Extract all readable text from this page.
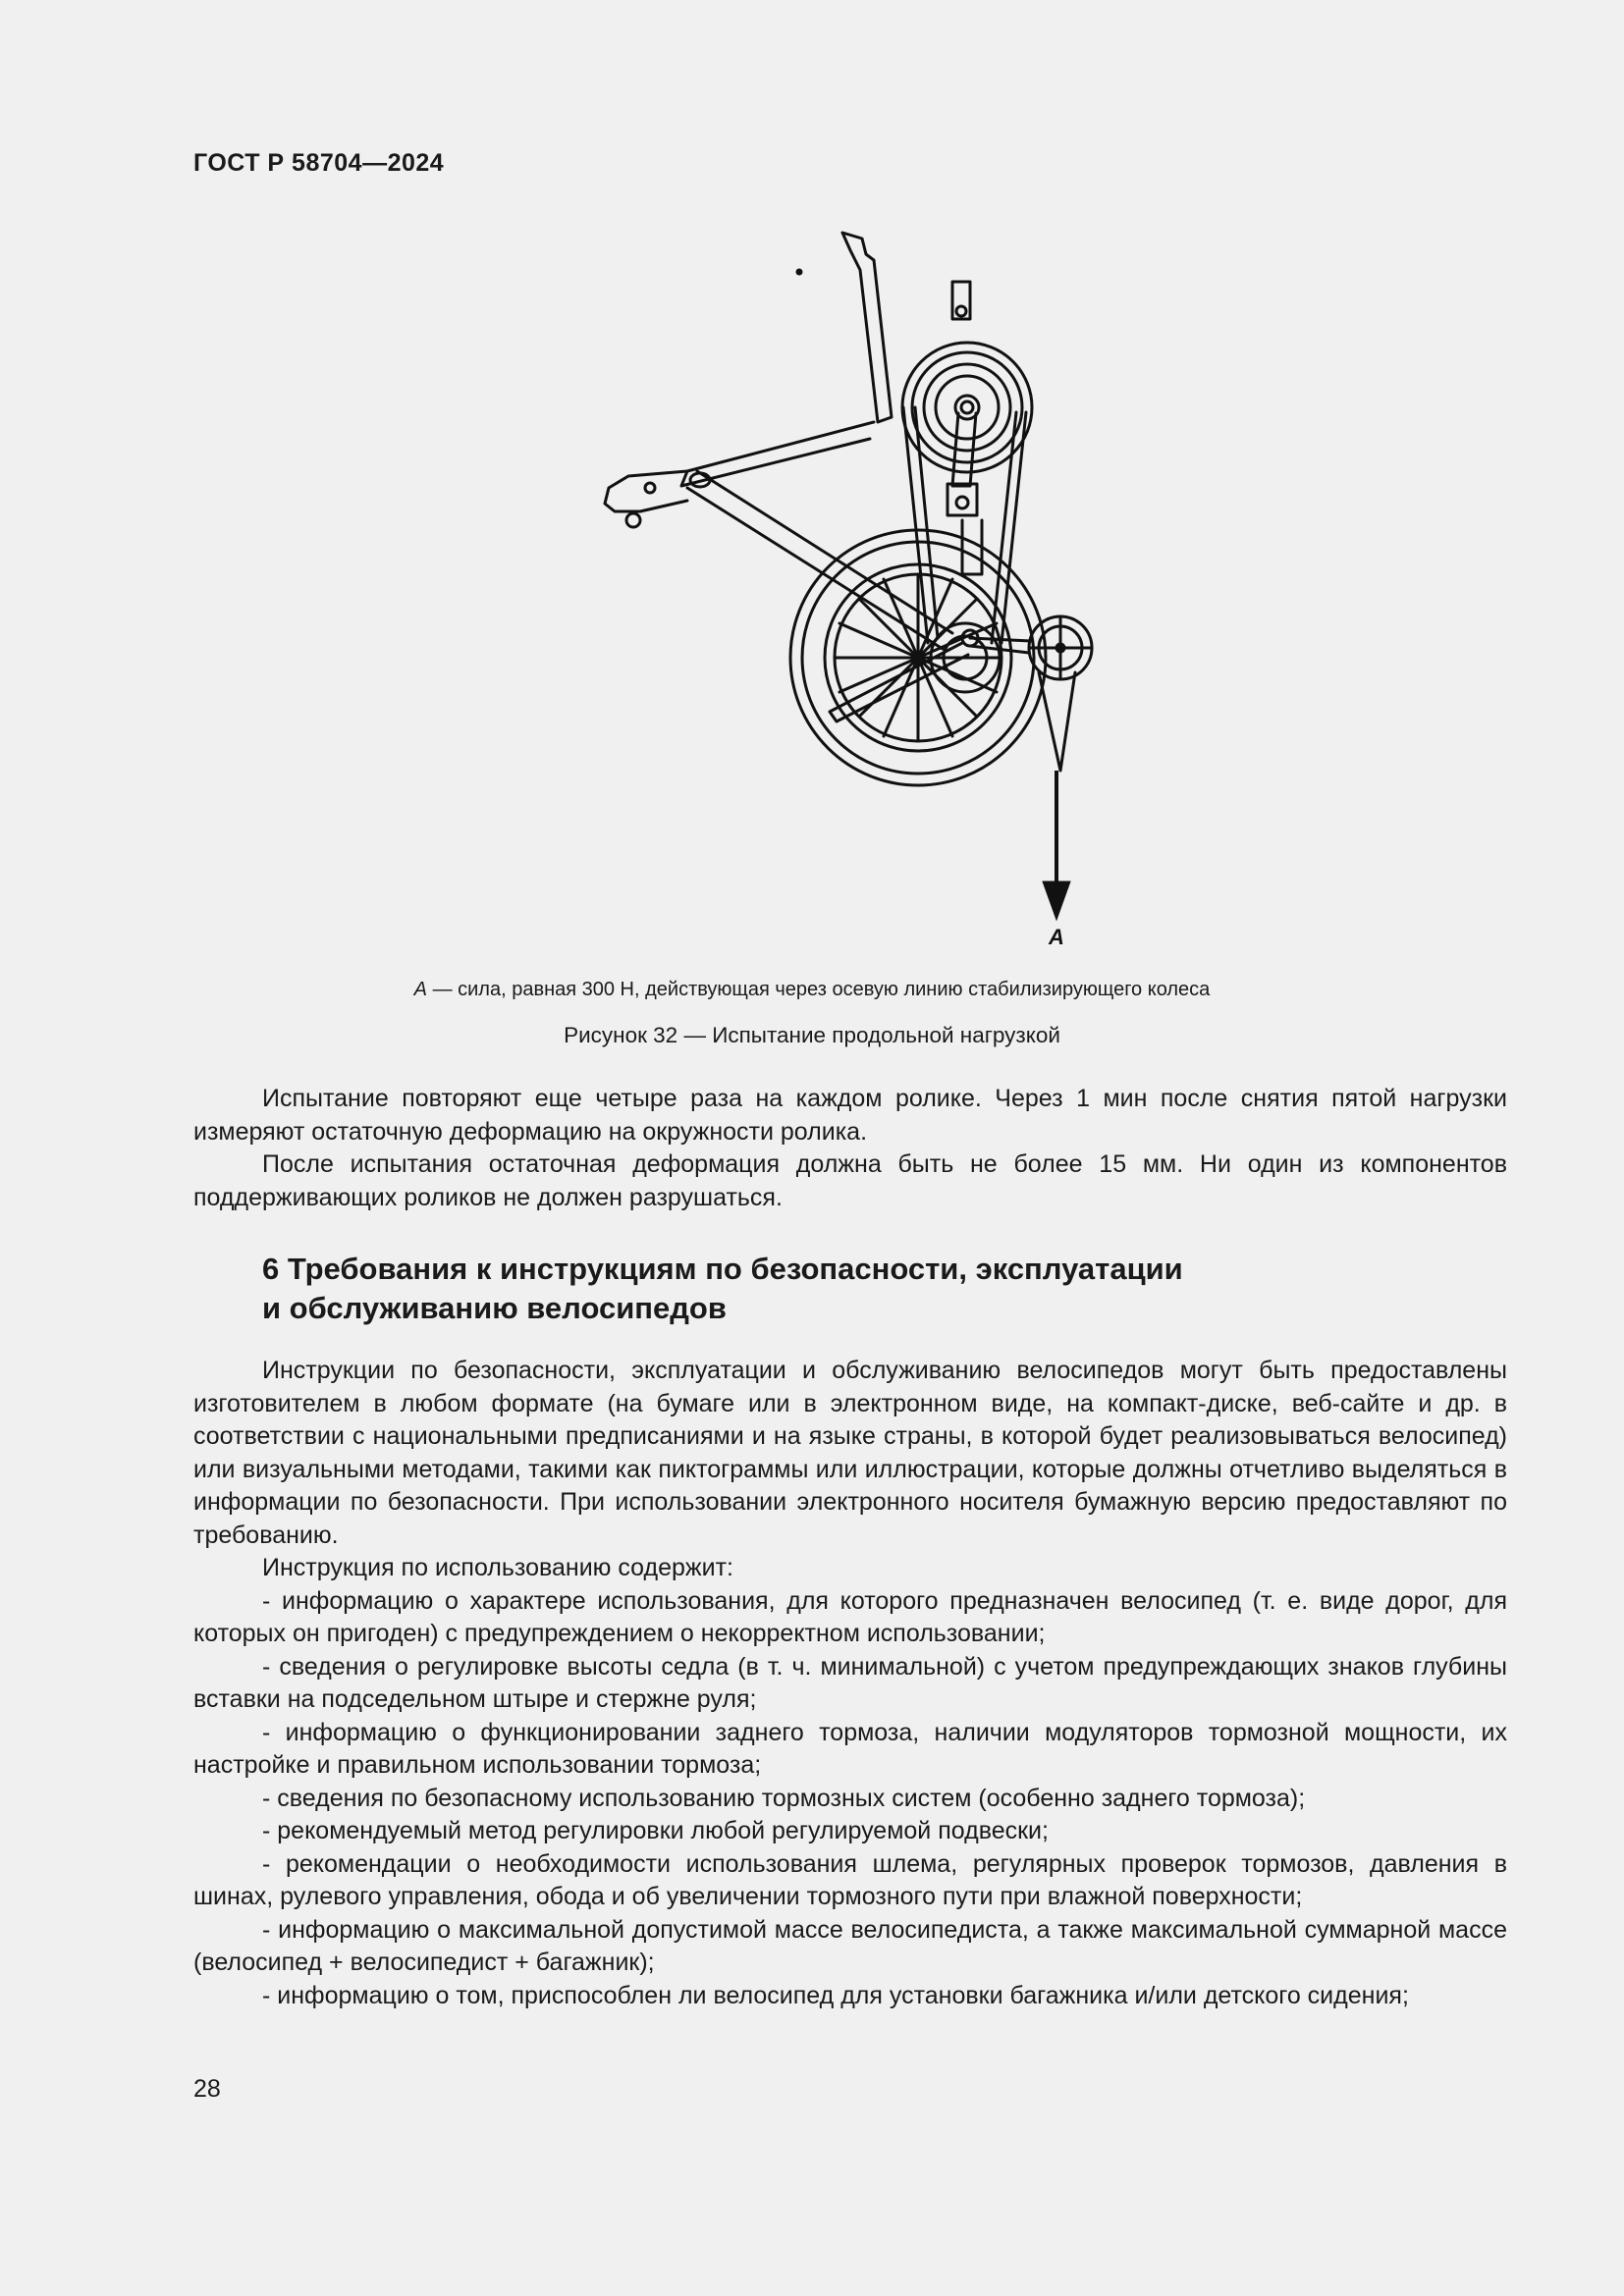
ГОСТ Р 58704—2024
A
A — сила, равная 300 Н, действующая через осевую линию стабилизирующего колеса
Рисунок 32 — Испытание продольной нагрузкой

Испытание повторяют еще четыре раза на каждом ролике. Через 1 мин после снятия пятой нагрузки измеряют остаточную деформацию на окружности ролика.

После испытания остаточная деформация должна быть не более 15 мм. Ни один из компонентов поддерживающих роликов не должен разрушаться.

6 Требования к инструкциям по безопасности, эксплуатации
и обслуживанию велосипедов

Инструкции по безопасности, эксплуатации и обслуживанию велосипедов могут быть предоставлены изготовителем в любом формате (на бумаге или в электронном виде, на компакт-диске, веб-сайте и др. в соответствии с национальными предписаниями и на языке страны, в которой будет реализовываться велосипед) или визуальными методами, такими как пиктограммы или иллюстрации, которые должны отчетливо выделяться в информации по безопасности. При использовании электронного носителя бумажную версию предоставляют по требованию.

Инструкция по использованию содержит:

- информацию о характере использования, для которого предназначен велосипед (т. е. виде дорог, для которых он пригоден) с предупреждением о некорректном использовании;

- сведения о регулировке высоты седла (в т. ч. минимальной) с учетом предупреждающих знаков глубины вставки на подседельном штыре и стержне руля;

- информацию о функционировании заднего тормоза, наличии модуляторов тормозной мощности, их настройке и правильном использовании тормоза;

- сведения по безопасному использованию тормозных систем (особенно заднего тормоза);

- рекомендуемый метод регулировки любой регулируемой подвески;

- рекомендации о необходимости использования шлема, регулярных проверок тормозов, давления в шинах, рулевого управления, обода и об увеличении тормозного пути при влажной поверхности;

- информацию о максимальной допустимой массе велосипедиста, а также максимальной суммарной массе (велосипед + велосипедист + багажник);

- информацию о том, приспособлен ли велосипед для установки багажника и/или детского сидения;

28
